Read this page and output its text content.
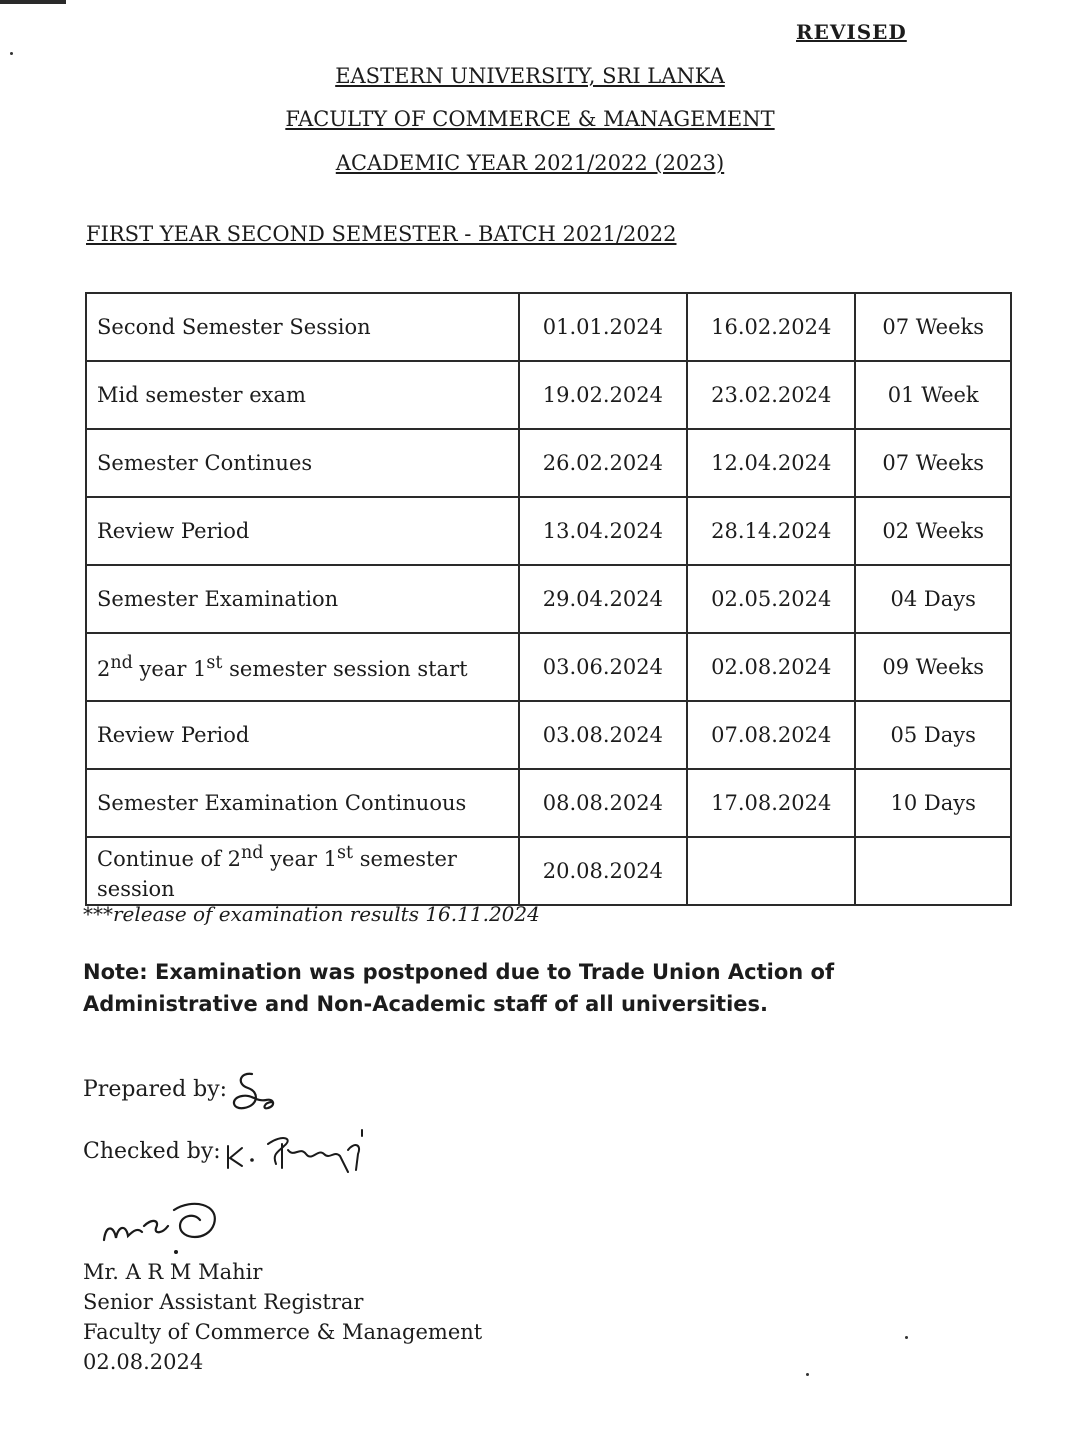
REVISED
EASTERN UNIVERSITY, SRI LANKA
FACULTY OF COMMERCE & MANAGEMENT
ACADEMIC YEAR 2021/2022 (2023)
FIRST YEAR SECOND SEMESTER - BATCH 2021/2022
Second Semester Session	01.01.2024	16.02.2024	07 Weeks
Mid semester exam	19.02.2024	23.02.2024	01 Week
Semester Continues	26.02.2024	12.04.2024	07 Weeks
Review Period	13.04.2024	28.14.2024	02 Weeks
Semester Examination	29.04.2024	02.05.2024	04 Days
2nd year 1st semester session start	03.06.2024	02.08.2024	09 Weeks
Review Period	03.08.2024	07.08.2024	05 Days
Semester Examination Continuous	08.08.2024	17.08.2024	10 Days
Continue of 2nd year 1st semester session	20.08.2024		
***release of examination results 16.11.2024
Note: Examination was postponed due to Trade Union Action of Administrative and Non-Academic staff of all universities.
Prepared by:
Checked by:
Mr. A R M Mahir
Senior Assistant Registrar
Faculty of Commerce & Management
02.08.2024
